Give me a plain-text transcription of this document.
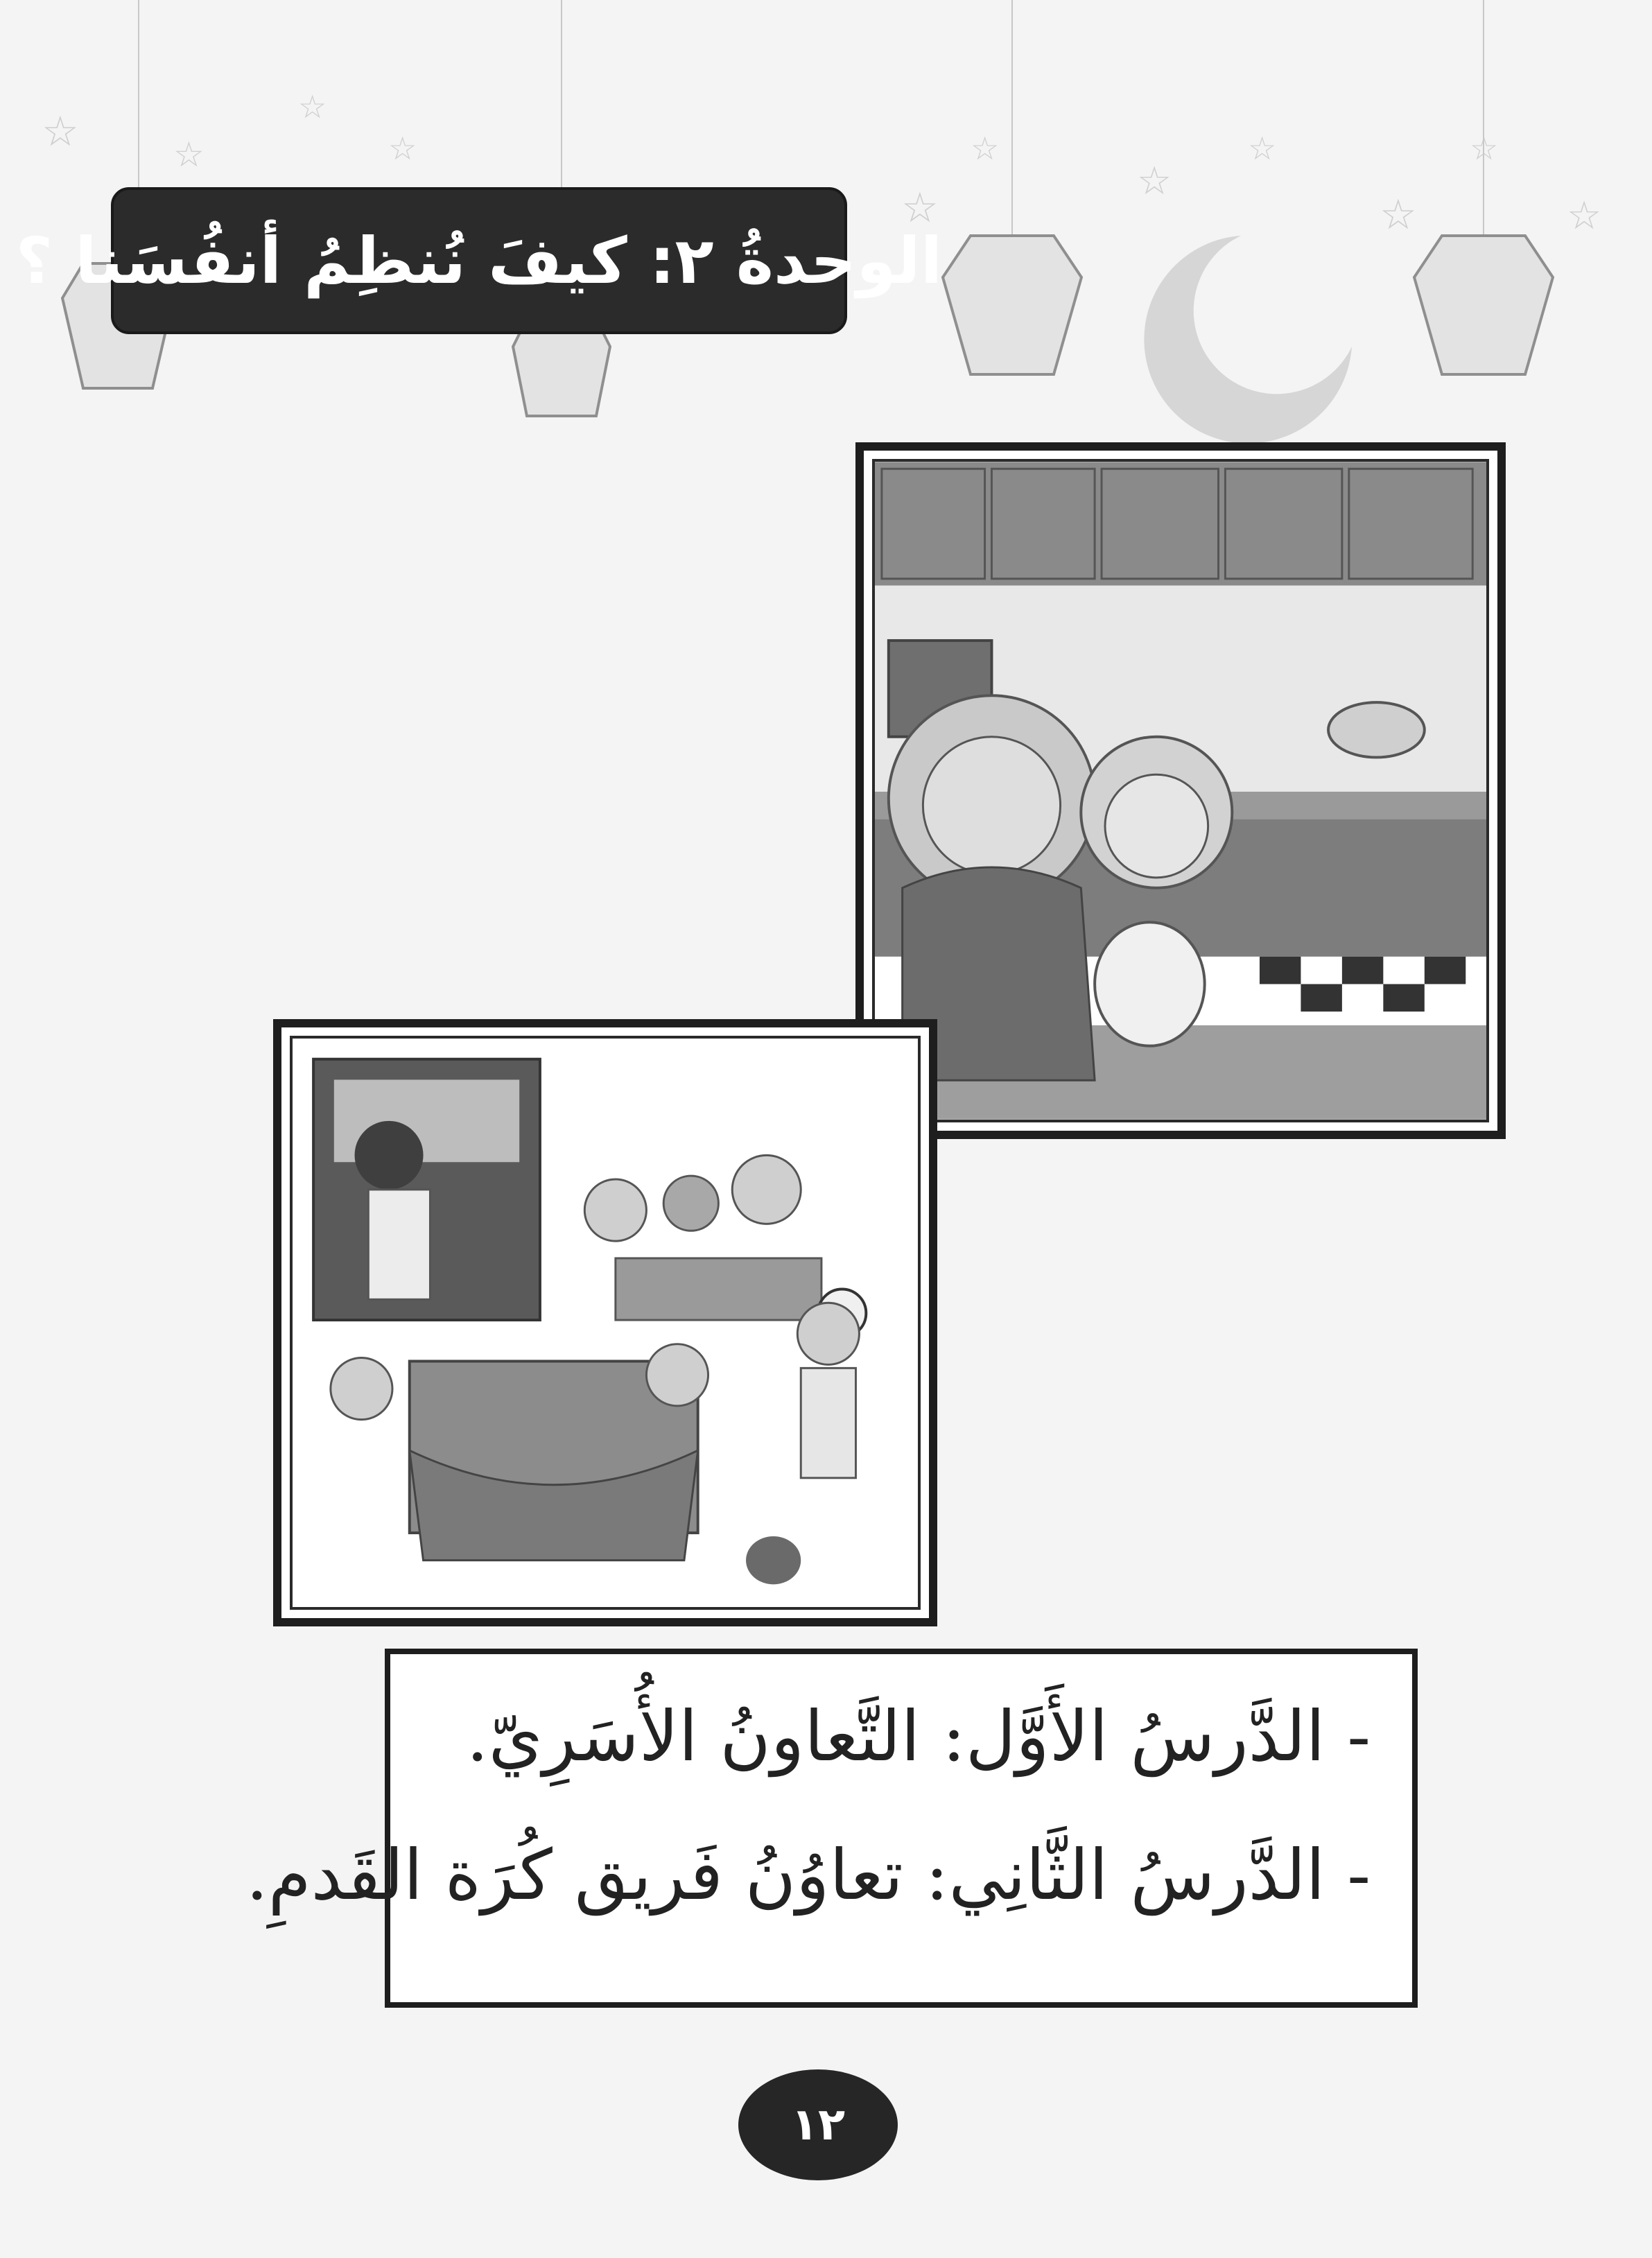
☆	☆
☆
☆
☆
☆
☆
☆
☆
☆
☆
الوحدةُ ٢: كيفَ نُنظِمُ أنفُسَنا ؟
- الدَّرسُ الأَوَّل: التَّعاونُ الأُسَرِيّ.
- الدَّرسُ الثَّانِي: تعاوُنُ فَريق كُرَة القَدمِ.
١٢
